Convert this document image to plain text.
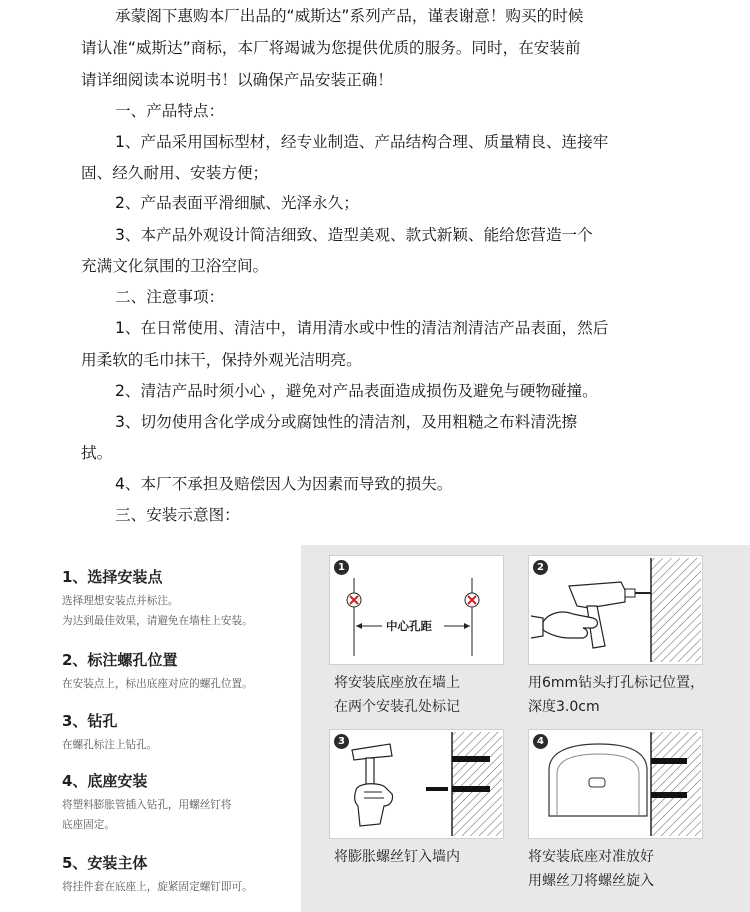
承蒙阁下惠购本厂出品的“威斯达”系列产品，谨表谢意！购买的时候
请认准“威斯达”商标，本厂将竭诚为您提供优质的服务。同时，在安装前
请详细阅读本说明书！以确保产品安装正确！
一、产品特点：
1、产品采用国标型材，经专业制造、产品结构合理、质量精良、连接牢
固、经久耐用、安装方便；
2、产品表面平滑细腻、光泽永久；
3、本产品外观设计简洁细致、造型美观、款式新颖、能给您营造一个
充满文化氛围的卫浴空间。
二、注意事项：
1、在日常使用、清洁中，请用清水或中性的清洁剂清洁产品表面，然后
用柔软的毛巾抹干，保持外观光洁明亮。
2、清洁产品时须小心 ，避免对产品表面造成损伤及避免与硬物碰撞。
3、切勿使用含化学成分或腐蚀性的清洁剂，及用粗糙之布料清洗擦
拭。
4、本厂不承担及赔偿因人为因素而导致的损失。
三、安装示意图：
1、选择安装点
选择理想安装点并标注。
为达到最佳效果，请避免在墙柱上安装。
2、标注螺孔位置
在安装点上，标出底座对应的螺孔位置。
3、钻孔
在螺孔标注上钻孔。
4、底座安装
将塑料膨胀管插入钻孔，用螺丝钉将
底座固定。
5、安装主体
将挂件套在底座上，旋紧固定螺钉即可。
1
中心孔距
将安装底座放在墙上
在两个安装孔处标记
2
用6mm钻头打孔标记位置，
深度3.0cm
3
将膨胀螺丝钉入墙内
4
将安装底座对准放好
用螺丝刀将螺丝旋入
